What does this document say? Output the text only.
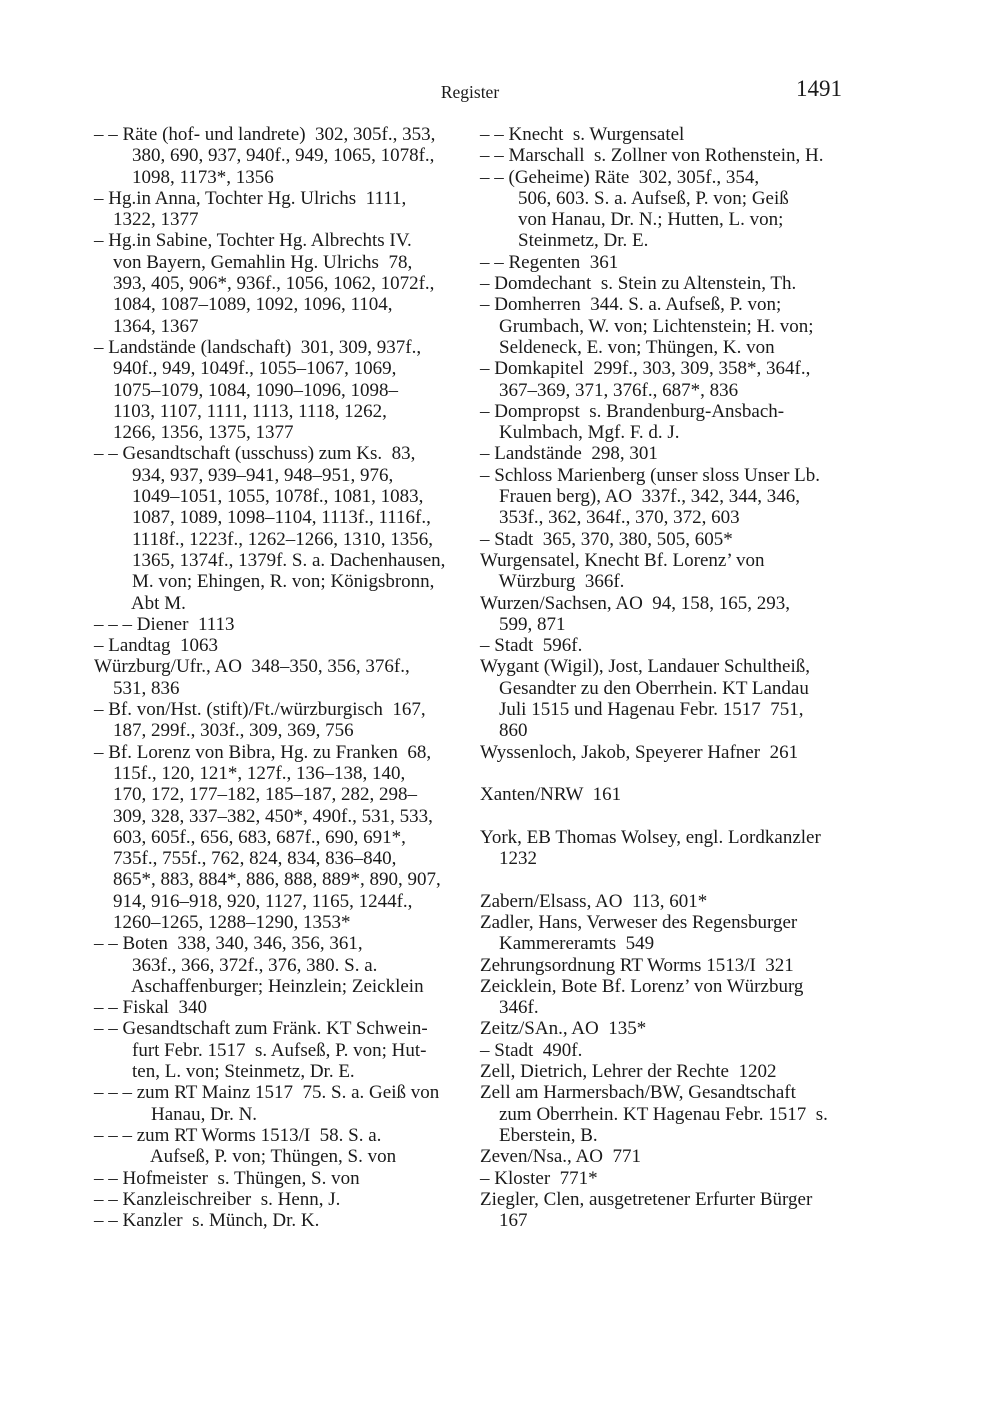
Register	1491
– – Räte (hof- und landrete)  302, 305f., 353,
380, 690, 937, 940f., 949, 1065, 1078f.,
1098, 1173*, 1356
– Hg.in Anna, Tochter Hg. Ulrichs  1111,
1322, 1377
– Hg.in Sabine, Tochter Hg. Albrechts IV.
von Bayern, Gemahlin Hg. Ulrichs  78,
393, 405, 906*, 936f., 1056, 1062, 1072f.,
1084, 1087–1089, 1092, 1096, 1104,
1364, 1367
– Landstände (landschaft)  301, 309, 937f.,
940f., 949, 1049f., 1055–1067, 1069,
1075–1079, 1084, 1090–1096, 1098–
1103, 1107, 1111, 1113, 1118, 1262,
1266, 1356, 1375, 1377
– – Gesandtschaft (usschuss) zum Ks.  83,
934, 937, 939–941, 948–951, 976,
1049–1051, 1055, 1078f., 1081, 1083,
1087, 1089, 1098–1104, 1113f., 1116f.,
1118f., 1223f., 1262–1266, 1310, 1356,
1365, 1374f., 1379f. S. a. Dachenhausen,
M. von; Ehingen, R. von; Königsbronn,
Abt M.
– – – Diener  1113
– Landtag  1063
Würzburg/Ufr., AO  348–350, 356, 376f.,
531, 836
– Bf. von/Hst. (stift)/Ft./würzburgisch  167,
187, 299f., 303f., 309, 369, 756
– Bf. Lorenz von Bibra, Hg. zu Franken  68,
115f., 120, 121*, 127f., 136–138, 140,
170, 172, 177–182, 185–187, 282, 298–
309, 328, 337–382, 450*, 490f., 531, 533,
603, 605f., 656, 683, 687f., 690, 691*,
735f., 755f., 762, 824, 834, 836–840,
865*, 883, 884*, 886, 888, 889*, 890, 907,
914, 916–918, 920, 1127, 1165, 1244f.,
1260–1265, 1288–1290, 1353*
– – Boten  338, 340, 346, 356, 361,
363f., 366, 372f., 376, 380. S. a.
Aschaffenburger; Heinzlein; Zeicklein
– – Fiskal  340
– – Gesandtschaft zum Fränk. KT Schwein-
furt Febr. 1517  s. Aufseß, P. von; Hut-
ten, L. von; Steinmetz, Dr. E.
– – – zum RT Mainz 1517  75. S. a. Geiß von
Hanau, Dr. N.
– – – zum RT Worms 1513/I  58. S. a.
Aufseß, P. von; Thüngen, S. von
– – Hofmeister  s. Thüngen, S. von
– – Kanzleischreiber  s. Henn, J.
– – Kanzler  s. Münch, Dr. K.
– – Knecht  s. Wurgensatel
– – Marschall  s. Zollner von Rothenstein, H.
– – (Geheime) Räte  302, 305f., 354,
506, 603. S. a. Aufseß, P. von; Geiß
von Hanau, Dr. N.; Hutten, L. von;
Steinmetz, Dr. E.
– – Regenten  361
– Domdechant  s. Stein zu Altenstein, Th.
– Domherren  344. S. a. Aufseß, P. von;
Grumbach, W. von; Lichtenstein; H. von;
Seldeneck, E. von; Thüngen, K. von
– Domkapitel  299f., 303, 309, 358*, 364f.,
367–369, 371, 376f., 687*, 836
– Dompropst  s. Brandenburg-Ansbach-
Kulmbach, Mgf. F. d. J.
– Landstände  298, 301
– Schloss Marienberg (unser sloss Unser Lb.
Frauen berg), AO  337f., 342, 344, 346,
353f., 362, 364f., 370, 372, 603
– Stadt  365, 370, 380, 505, 605*
Wurgensatel, Knecht Bf. Lorenz’ von
Würzburg  366f.
Wurzen/Sachsen, AO  94, 158, 165, 293,
599, 871
– Stadt  596f.
Wygant (Wigil), Jost, Landauer Schultheiß,
Gesandter zu den Oberrhein. KT Landau
Juli 1515 und Hagenau Febr. 1517  751,
860
Wyssenloch, Jakob, Speyerer Hafner  261
Xanten/NRW  161
York, EB Thomas Wolsey, engl. Lordkanzler
1232
Zabern/Elsass, AO  113, 601*
Zadler, Hans, Verweser des Regensburger
Kammereramts  549
Zehrungsordnung RT Worms 1513/I  321
Zeicklein, Bote Bf. Lorenz’ von Würzburg
346f.
Zeitz/SAn., AO  135*
– Stadt  490f.
Zell, Dietrich, Lehrer der Rechte  1202
Zell am Harmersbach/BW, Gesandtschaft
zum Oberrhein. KT Hagenau Febr. 1517  s.
Eberstein, B.
Zeven/Nsa., AO  771
– Kloster  771*
Ziegler, Clen, ausgetretener Erfurter Bürger
167
